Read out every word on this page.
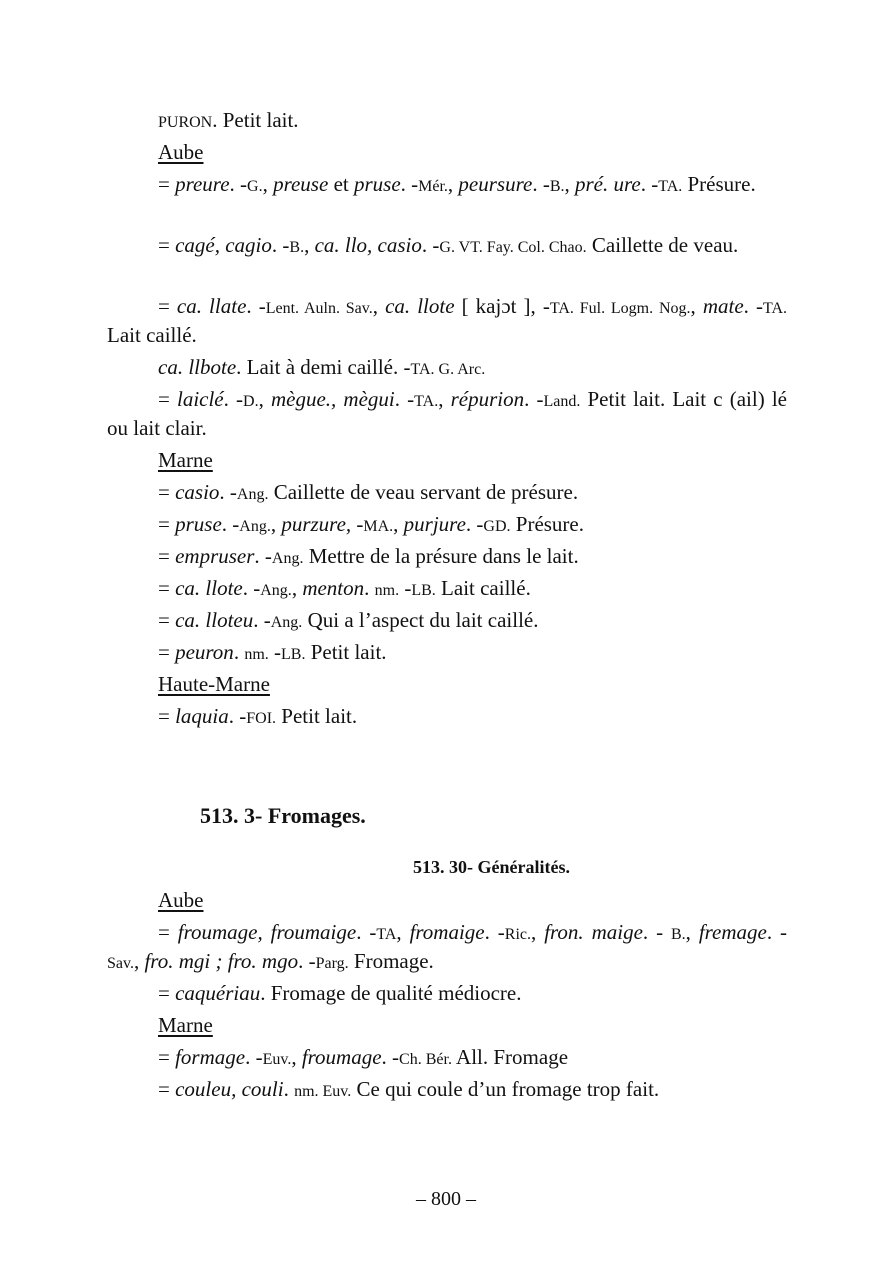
PURON. Petit lait.

Aube

= preure. -G., preuse et pruse. -Mér., peursure. -B., pré. ure. -TA. Présure.

= cagé, cagio. -B., ca. llo, casio. -G. VT. Fay. Col. Chao. Caillette de veau.

= ca. llate. -Lent. Auln. Sav., ca. llote [ kajɔt ], -TA. Ful. Logm. Nog., mate. -TA. Lait caillé.

ca. llbote. Lait à demi caillé. -TA. G. Arc.

= laiclé. -D., mègue., mègui. -TA., répurion. -Land. Petit lait. Lait c (ail) lé ou lait clair.

Marne

= casio. -Ang. Caillette de veau servant de présure.

= pruse. -Ang., purzure, -MA., purjure. -GD. Présure.

= empruser. -Ang. Mettre de la présure dans le lait.

= ca. llote. -Ang., menton. nm. -LB. Lait caillé.

= ca. lloteu. -Ang. Qui a l’aspect du lait caillé.

= peuron. nm. -LB. Petit lait.

Haute-Marne

= laquia. -FOI. Petit lait.

513. 3- Fromages.
513. 30- Généralités.

Aube

= froumage, froumaige. -TA, fromaige. -Ric., fron. maige. - B., fremage. -Sav., fro. mgi ; fro. mgo. -Parg. Fromage.

= caquériau. Fromage de qualité médiocre.

Marne

= formage. -Euv., froumage. -Ch. Bér. All. Fromage

= couleu, couli. nm. Euv. Ce qui coule d’un fromage trop fait.

– 800 –
